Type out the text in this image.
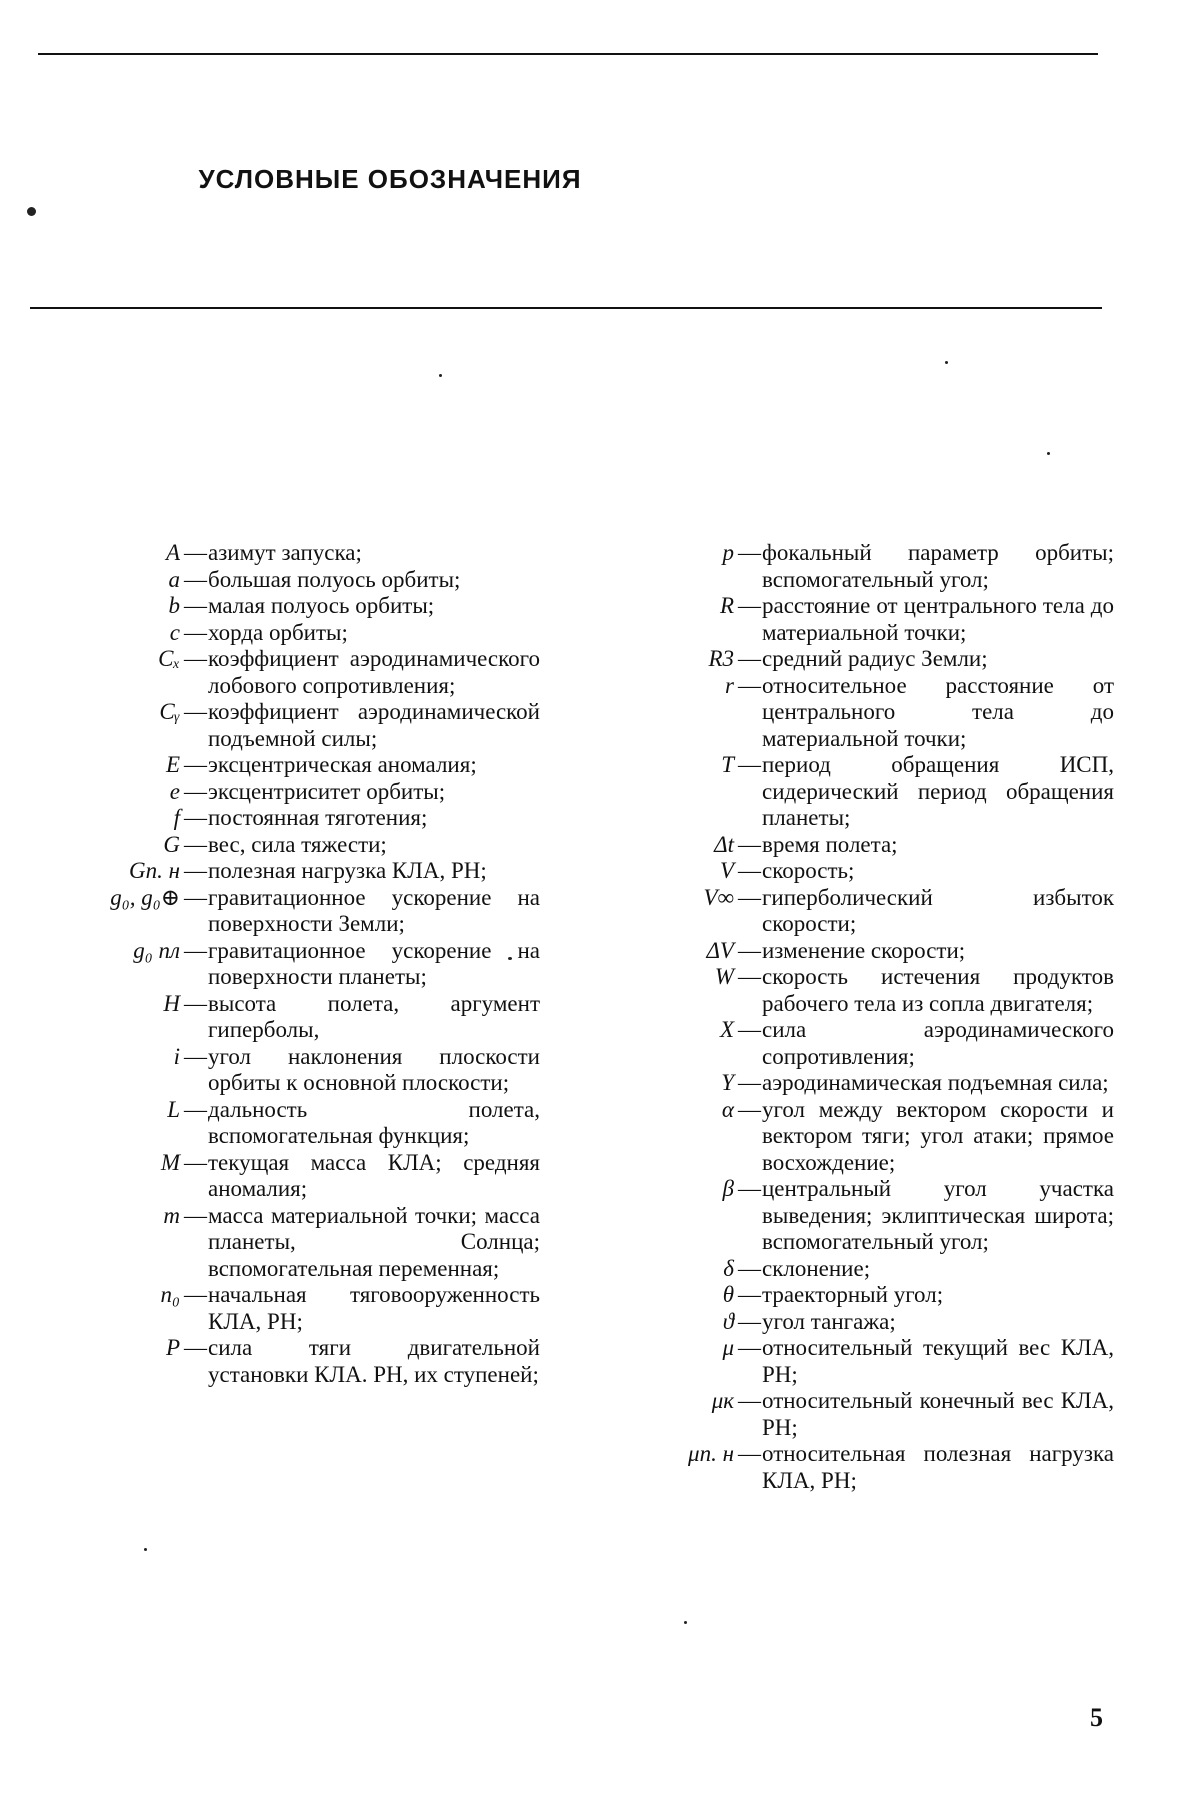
УСЛОВНЫЕ ОБОЗНАЧЕНИЯ
A — азимут запуска;
a — большая полуось орбиты;
b — малая полуось орбиты;
c — хорда орбиты;
Cₓ — коэффициент аэродинамического лобового сопротивления;
Cᵧ — коэффициент аэродинамической подъемной силы;
E — эксцентрическая аномалия;
e — эксцентриситет орбиты;
f — постоянная тяготения;
G — вес, сила тяжести;
Gп. н — полезная нагрузка КЛА, РН;
g₀, g₀⊕ — гравитационное ускорение на поверхности Земли;
g₀ пл — гравитационное ускорение на поверхности планеты;
H — высота полета, аргумент гиперболы,
i — угол наклонения плоскости орбиты к основной плоскости;
L — дальность полета, вспомогательная функция;
M — текущая масса КЛА; средняя аномалия;
m — масса материальной точки; масса планеты, Солнца; вспомогательная переменная;
n₀ — начальная тяговооруженность КЛА, РН;
P — сила тяги двигательной установки КЛА. РН, их ступеней;
p — фокальный параметр орбиты; вспомогательный угол;
R — расстояние от центрального тела до материальной точки;
R3 — средний радиус Земли;
r — относительное расстояние от центрального тела до материальной точки;
T — период обращения ИСП, сидерический период обращения планеты;
Δt — время полета;
V — скорость;
V∞ — гиперболический избыток скорости;
ΔV — изменение скорости;
W — скорость истечения продуктов рабочего тела из сопла двигателя;
X — сила аэродинамического сопротивления;
Y — аэродинамическая подъемная сила;
α — угол между вектором скорости и вектором тяги; угол атаки; прямое восхождение;
β — центральный угол участка выведения; эклиптическая широта; вспомогательный угол;
δ — склонение;
θ — траекторный угол;
ϑ — угол тангажа;
μ — относительный текущий вес КЛА, РН;
μк — относительный конечный вес КЛА, РН;
μп. н — относительная полезная нагрузка КЛА, РН;
5
